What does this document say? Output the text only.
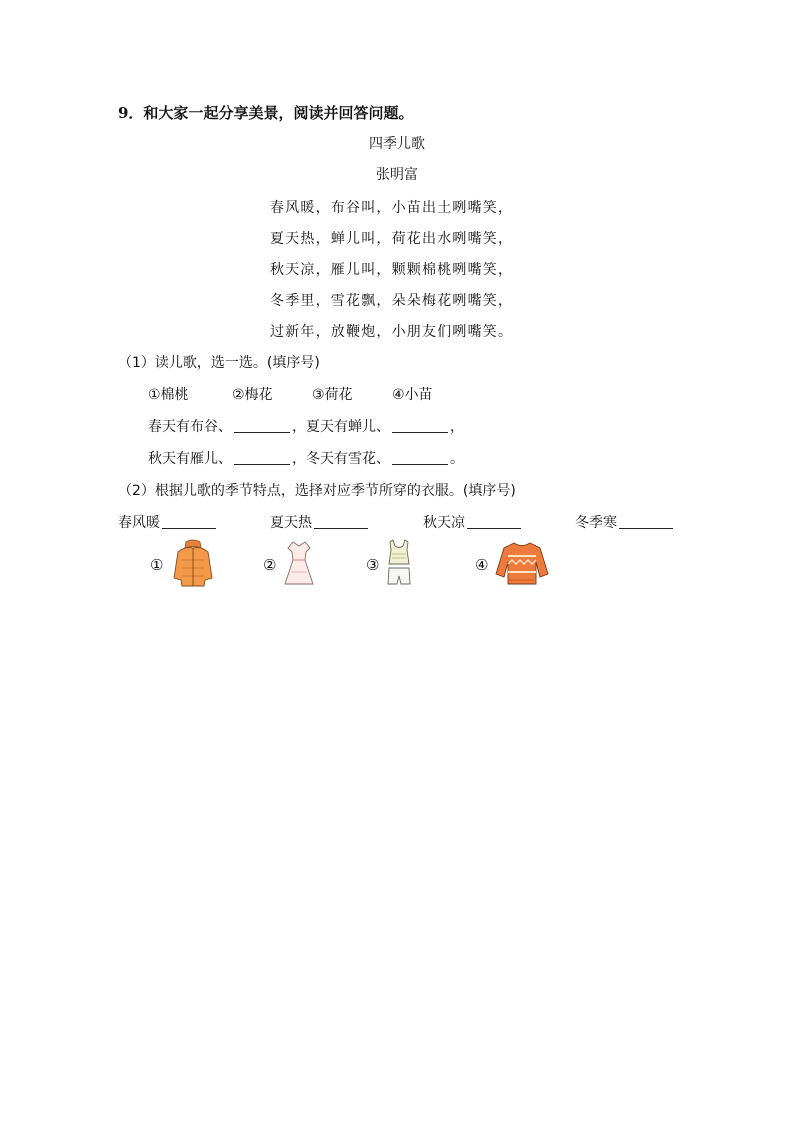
9．和大家一起分享美景，阅读并回答问题。
四季儿歌
张明富
春风暖，布谷叫，小苗出土咧嘴笑，
夏天热，蝉儿叫，荷花出水咧嘴笑，
秋天凉，雁儿叫，颗颗棉桃咧嘴笑，
冬季里，雪花飘，朵朵梅花咧嘴笑，
过新年，放鞭炮，小朋友们咧嘴笑。
（1）读儿歌，选一选。(填序号)
①棉桃	②梅花	③荷花	④小苗
春天有布谷、	，夏天有蝉儿、	，
秋天有雁儿、	，冬天有雪花、	。
（2）根据儿歌的季节特点，选择对应季节所穿的衣服。(填序号)
春风暖	夏天热	秋天凉	冬季寒
①	②	③	④
